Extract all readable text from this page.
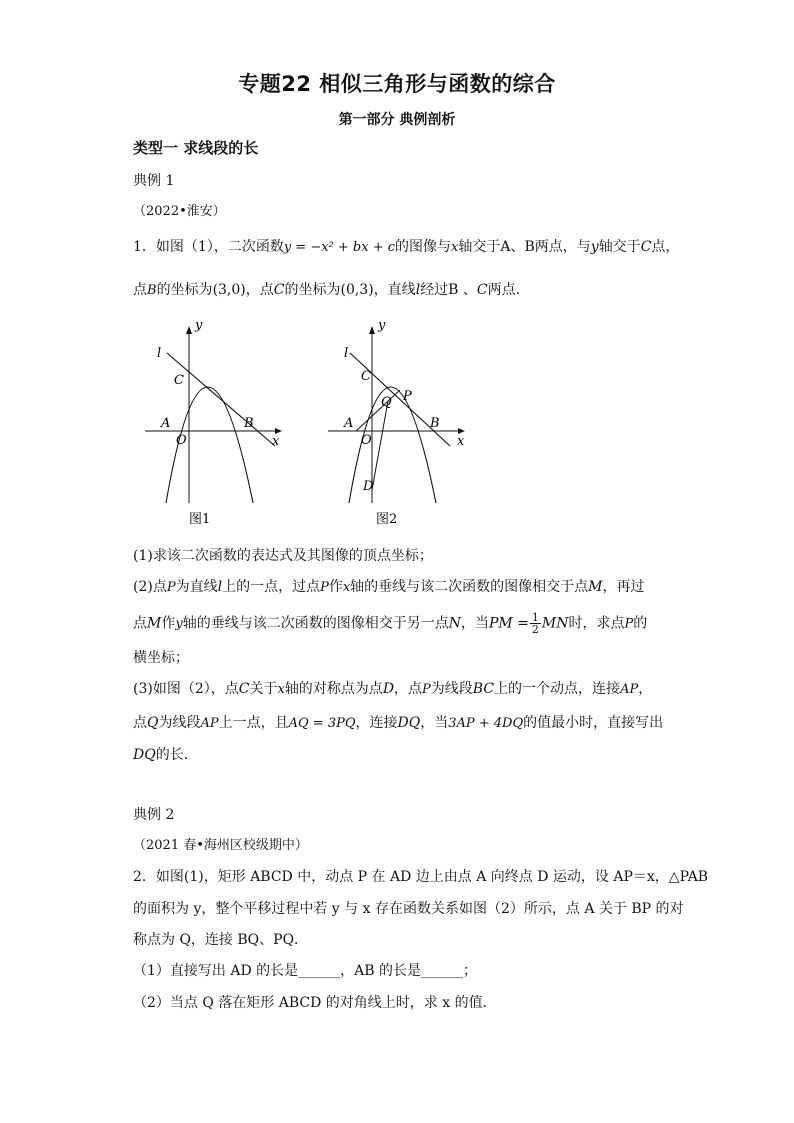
专题22 相似三角形与函数的综合
第一部分 典例剖析
类型一 求线段的长
典例 1
（2022•淮安）
1．如图（1），二次函数y = −x² + bx + c的图像与x轴交于A、B两点，与y轴交于C点，
点B的坐标为(3,0)，点C的坐标为(0,3)，直线l经过B 、C两点．
y
x
l
C
A
O
B
图1
y
x
l
C
A
O
B
P
Q
D
图2
(1)求该二次函数的表达式及其图像的顶点坐标；
(2)点P为直线l上的一点，过点P作x轴的垂线与该二次函数的图像相交于点M，再过
点M作y轴的垂线与该二次函数的图像相交于另一点N，当PM = $\frac{1}{2}$ MN时，求点P的
横坐标；
(3)如图（2），点C关于x轴的对称点为点D，点P为线段BC上的一个动点，连接AP，
点Q为线段AP上一点，且AQ = 3PQ，连接DQ，当3AP + 4DQ的值最小时，直接写出
DQ的长．
典例 2
（2021 春•海州区校级期中）
2．如图(1)，矩形 ABCD 中，动点 P 在 AD 边上由点 A 向终点 D 运动，设 AP＝x，△PAB
的面积为 y，整个平移过程中若 y 与 x 存在函数关系如图（2）所示，点 A 关于 BP 的对
称点为 Q，连接 BQ、PQ．
（1）直接写出 AD 的长是______，AB 的长是______；
（2）当点 Q 落在矩形 ABCD 的对角线上时，求 x 的值．
